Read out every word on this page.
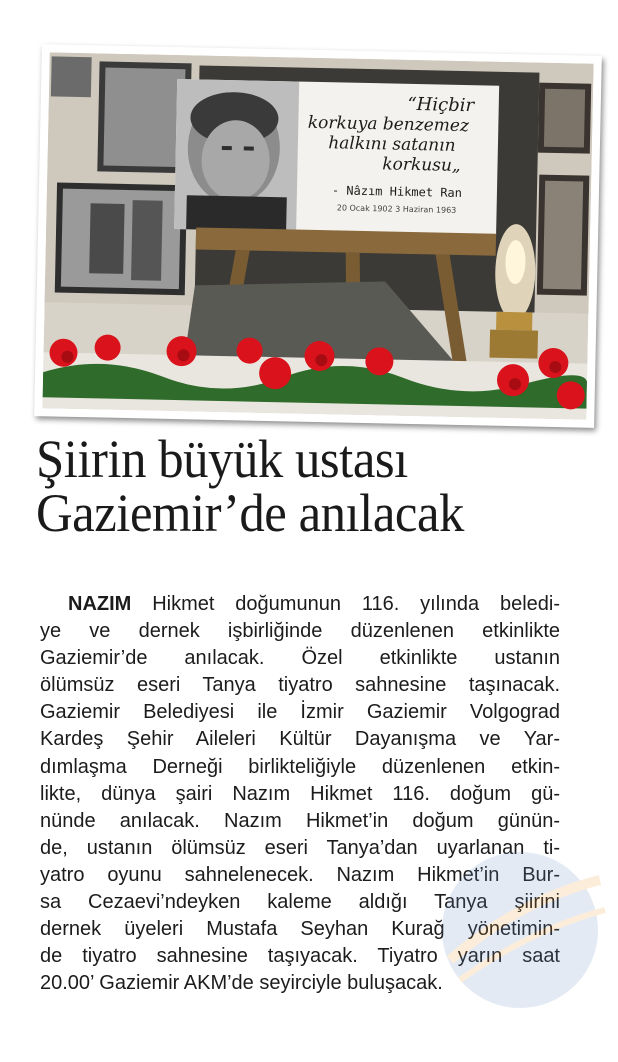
“Hiçbir
korkuya benzemez
halkını satanın
korkusu„
- Nâzım Hikmet Ran
20 Ocak 1902 3 Haziran 1963
Şiirin büyük ustası
Gaziemir’de anılacak
NAZIM Hikmet doğumunun 116. yılında beledi-
ye ve dernek işbirliğinde düzenlenen etkinlikte
Gaziemir’de anılacak. Özel etkinlikte ustanın
ölümsüz eseri Tanya tiyatro sahnesine taşınacak.
Gaziemir Belediyesi ile İzmir Gaziemir Volgograd
Kardeş Şehir Aileleri Kültür Dayanışma ve Yar-
dımlaşma Derneği birlikteliğiyle düzenlenen etkin-
likte, dünya şairi Nazım Hikmet 116. doğum gü-
nünde anılacak. Nazım Hikmet’in doğum günün-
de, ustanın ölümsüz eseri Tanya’dan uyarlanan ti-
yatro oyunu sahnelenecek. Nazım Hikmet’in Bur-
sa Cezaevi’ndeyken kaleme aldığı Tanya şiirini
dernek üyeleri Mustafa Seyhan Kurağ yönetimin-
de tiyatro sahnesine taşıyacak. Tiyatro yarın saat
20.00’ Gaziemir AKM’de seyirciyle buluşacak.
